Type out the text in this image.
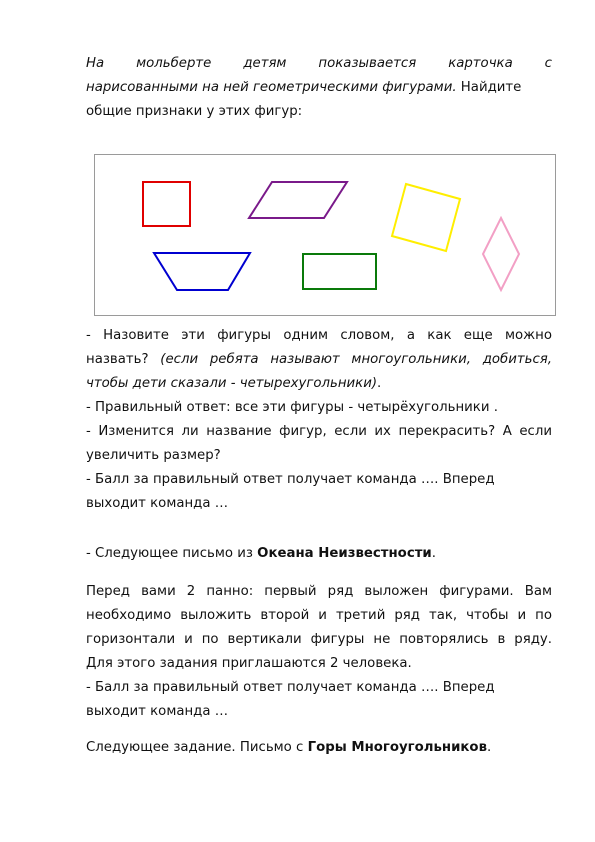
На мольберте детям показывается карточка с
нарисованными на ней геометрическими фигурами. Найдите
общие признаки у этих фигур:
- Назовите эти фигуры одним словом, а как еще можно
назвать? (если ребята называют многоугольники, добиться,
чтобы дети сказали - четырехугольники).
- Правильный ответ: все эти фигуры - четырёхугольники .
- Изменится ли название фигур, если их перекрасить? А если
увеличить размер?
- Балл за правильный ответ получает команда …. Вперед
выходит команда …
- Следующее письмо из Океана Неизвестности.
Перед вами 2 панно: первый ряд выложен фигурами. Вам
необходимо выложить второй и третий ряд так, чтобы и по
горизонтали и по вертикали фигуры не повторялись в ряду.
Для этого задания приглашаются 2 человека.
- Балл за правильный ответ получает команда …. Вперед
выходит команда …
Следующее задание. Письмо с Горы Многоугольников.
